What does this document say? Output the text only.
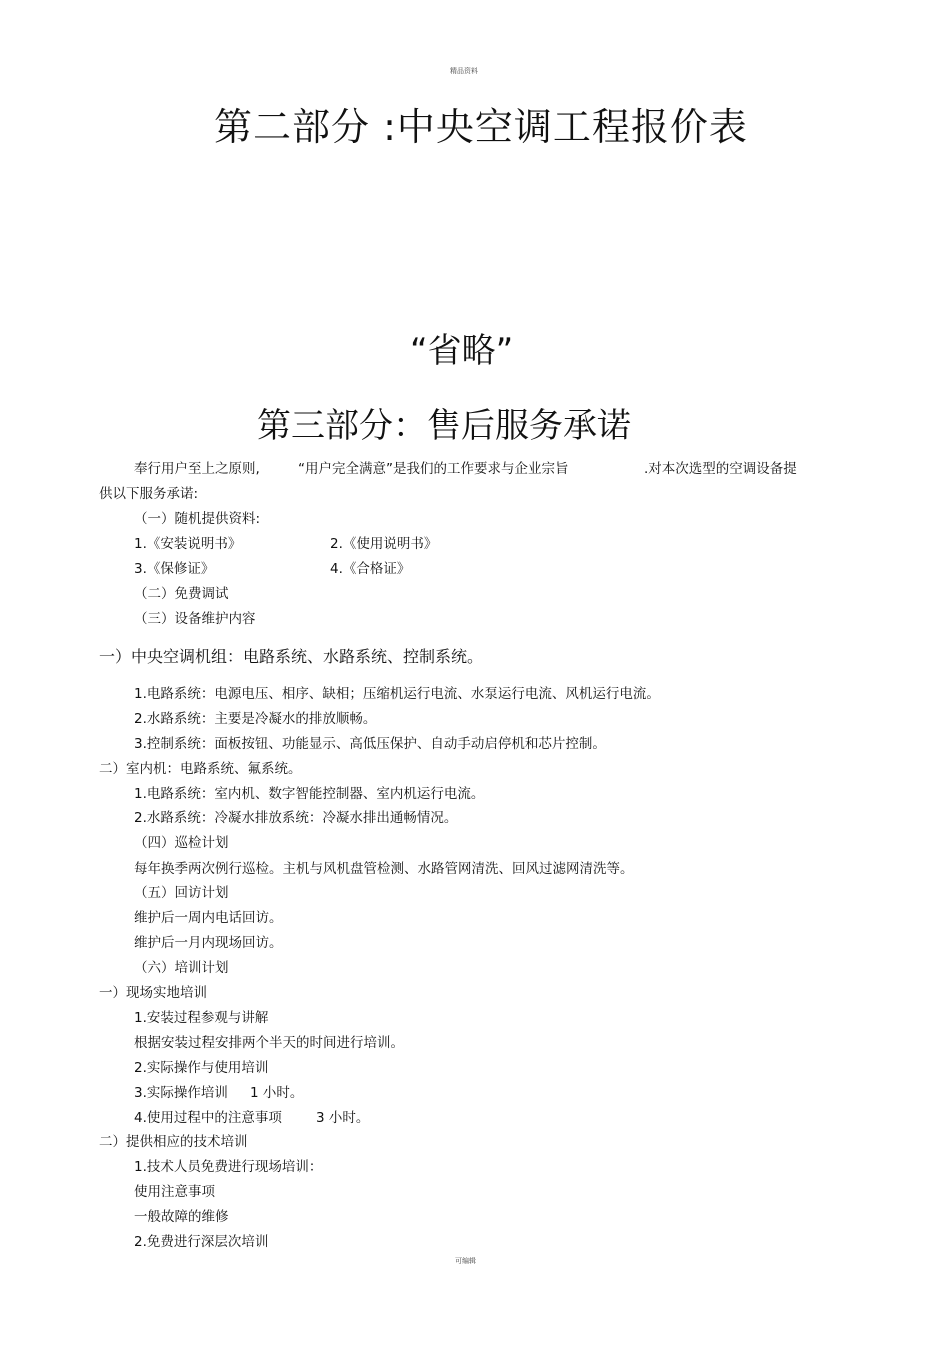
精品资料
第二部分 :中央空调工程报价表
“省略”
第三部分：售后服务承诺
奉行用户至上之原则,	“用户完全满意”是我们的工作要求与企业宗旨	.对本次选型的空调设备提
供以下服务承诺:
（一）随机提供资料:
1.《安装说明书》	2.《使用说明书》
3.《保修证》	4.《合格证》
（二）免费调试
（三）设备维护内容
一）中央空调机组：电路系统、水路系统、控制系统。
1.电路系统：电源电压、相序、缺相；压缩机运行电流、水泵运行电流、风机运行电流。
2.水路系统：主要是冷凝水的排放顺畅。
3.控制系统：面板按钮、功能显示、高低压保护、自动手动启停机和芯片控制。
二）室内机：电路系统、氟系统。
1.电路系统：室内机、数字智能控制器、室内机运行电流。
2.水路系统：冷凝水排放系统：冷凝水排出通畅情况。
（四）巡检计划
每年换季两次例行巡检。主机与风机盘管检测、水路管网清洗、回风过滤网清洗等。
（五）回访计划
维护后一周内电话回访。
维护后一月内现场回访。
（六）培训计划
一）现场实地培训
1.安装过程参观与讲解
根据安装过程安排两个半天的时间进行培训。
2.实际操作与使用培训
3.实际操作培训 1 小时。
4.使用过程中的注意事项	3 小时。
二）提供相应的技术培训
1.技术人员免费进行现场培训：
使用注意事项
一般故障的维修
2.免费进行深层次培训
可编辑
